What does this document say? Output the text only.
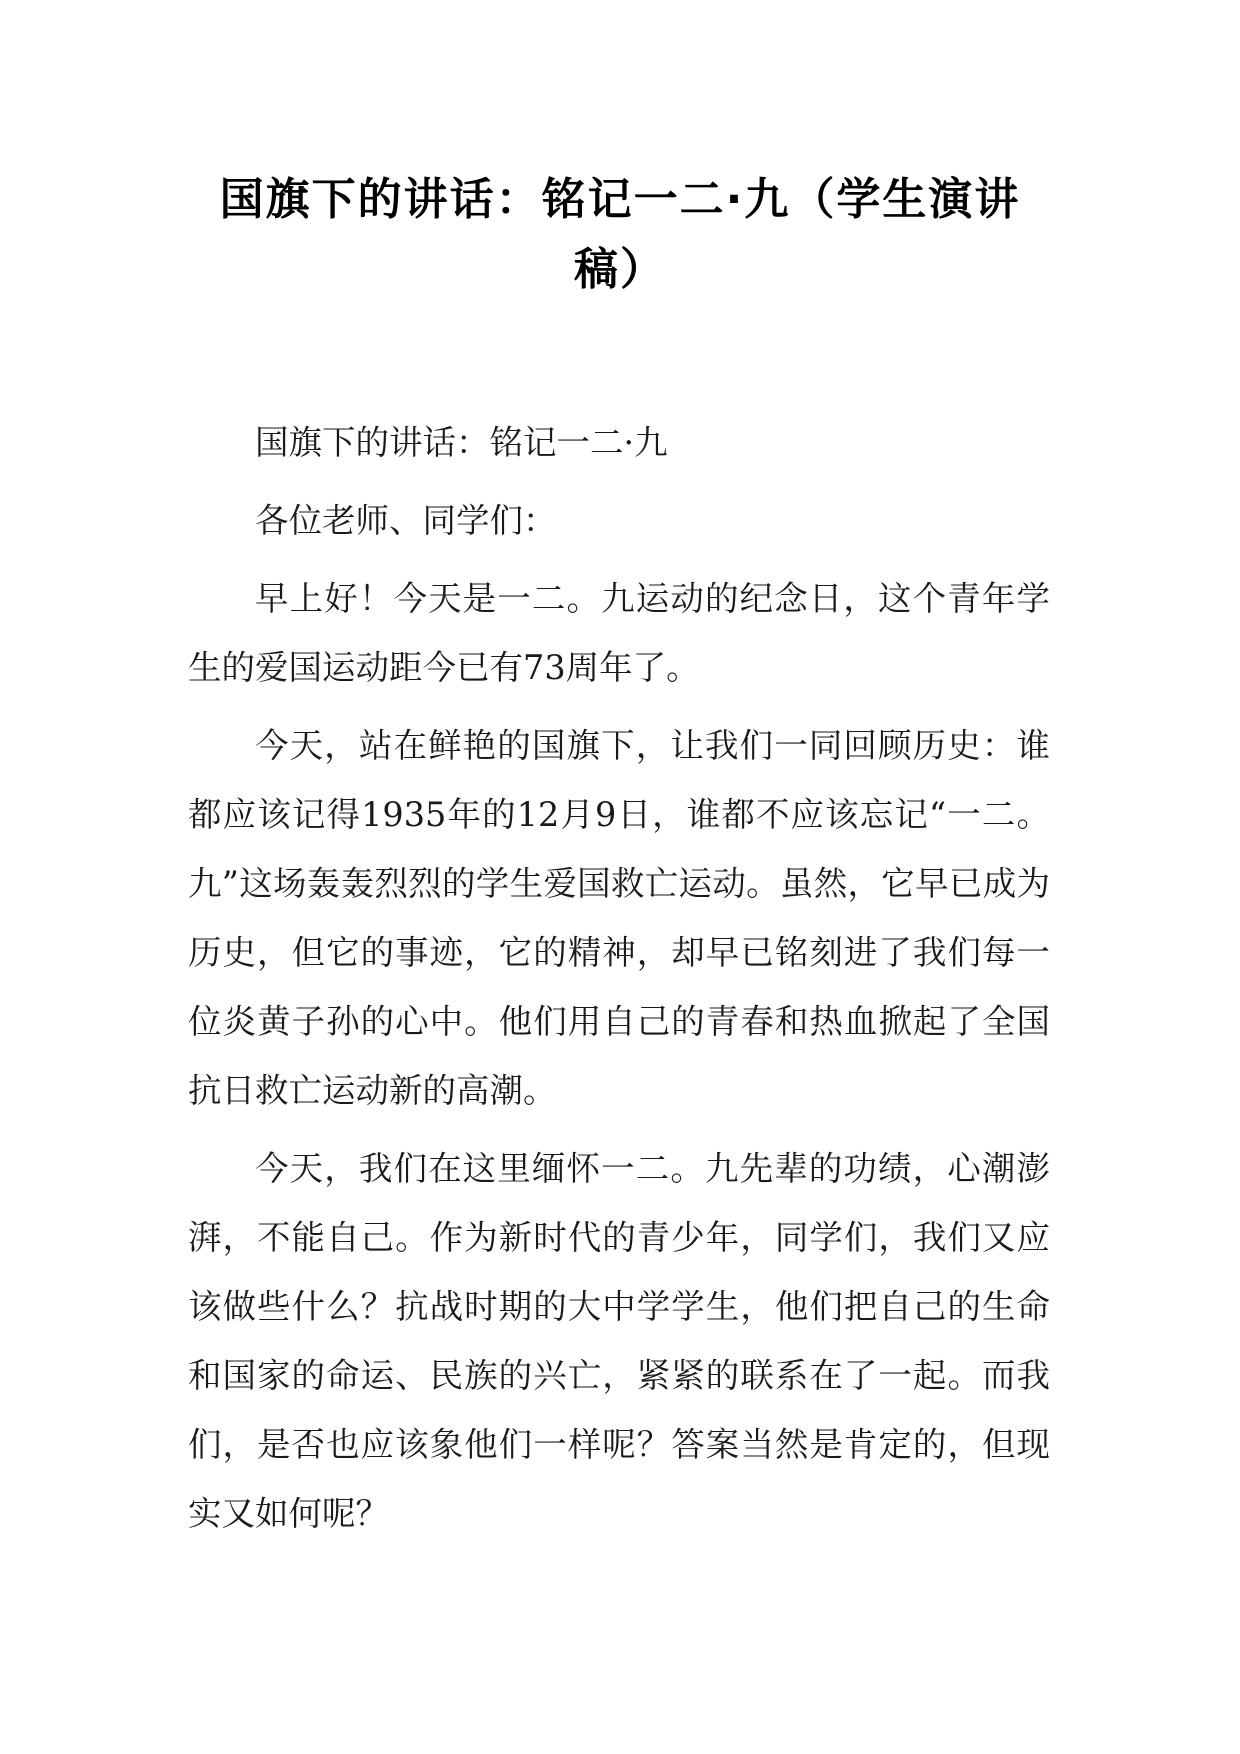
国旗下的讲话：铭记一二·九（学生演讲稿）

国旗下的讲话：铭记一二·九

各位老师、同学们：

早上好！今天是一二。九运动的纪念日，这个青年学生的爱国运动距今已有73周年了。

今天，站在鲜艳的国旗下，让我们一同回顾历史：谁都应该记得1935年的12月9日，谁都不应该忘记“一二。九”这场轰轰烈烈的学生爱国救亡运动。虽然，它早已成为历史，但它的事迹，它的精神，却早已铭刻进了我们每一位炎黄子孙的心中。他们用自己的青春和热血掀起了全国抗日救亡运动新的高潮。

今天，我们在这里缅怀一二。九先辈的功绩，心潮澎湃，不能自己。作为新时代的青少年，同学们，我们又应该做些什么？抗战时期的大中学学生，他们把自己的生命和国家的命运、民族的兴亡，紧紧的联系在了一起。而我们，是否也应该象他们一样呢？答案当然是肯定的，但现实又如何呢？
